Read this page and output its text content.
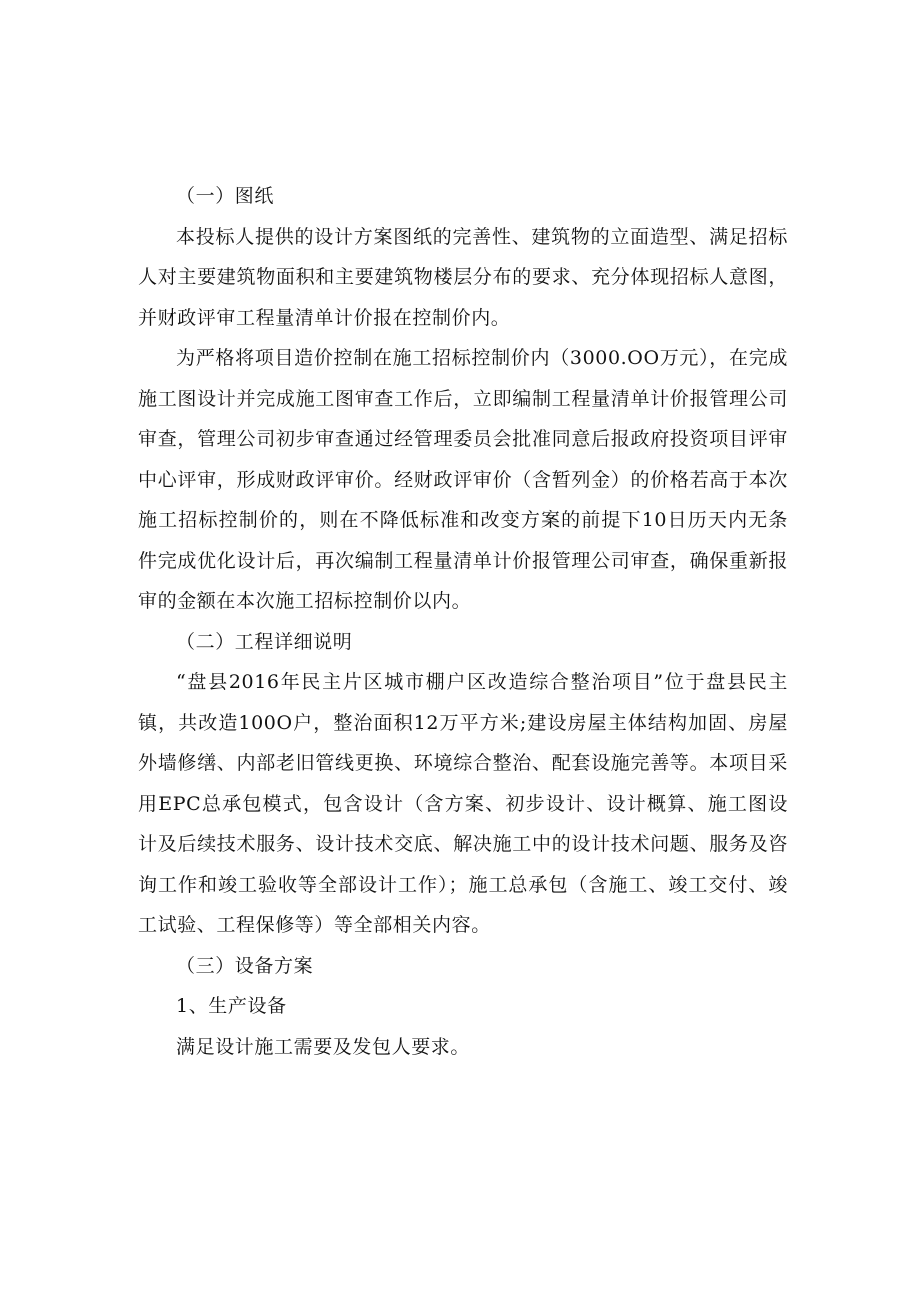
（一）图纸

本投标人提供的设计方案图纸的完善性、建筑物的立面造型、满足招标人对主要建筑物面积和主要建筑物楼层分布的要求、充分体现招标人意图，并财政评审工程量清单计价报在控制价内。

为严格将项目造价控制在施工招标控制价内（3000.OO万元），在完成施工图设计并完成施工图审查工作后，立即编制工程量清单计价报管理公司审查，管理公司初步审查通过经管理委员会批准同意后报政府投资项目评审中心评审，形成财政评审价。经财政评审价（含暂列金）的价格若高于本次施工招标控制价的，则在不降低标准和改变方案的前提下10日历天内无条件完成优化设计后，再次编制工程量清单计价报管理公司审查，确保重新报审的金额在本次施工招标控制价以内。

（二）工程详细说明

“盘县2016年民主片区城市棚户区改造综合整治项目”位于盘县民主镇，共改造100O户，整治面积12万平方米;建设房屋主体结构加固、房屋外墙修缮、内部老旧管线更换、环境综合整治、配套设施完善等。本项目采用EPC总承包模式，包含设计（含方案、初步设计、设计概算、施工图设计及后续技术服务、设计技术交底、解决施工中的设计技术问题、服务及咨询工作和竣工验收等全部设计工作）；施工总承包（含施工、竣工交付、竣工试验、工程保修等）等全部相关内容。

（三）设备方案

1、生产设备

满足设计施工需要及发包人要求。
